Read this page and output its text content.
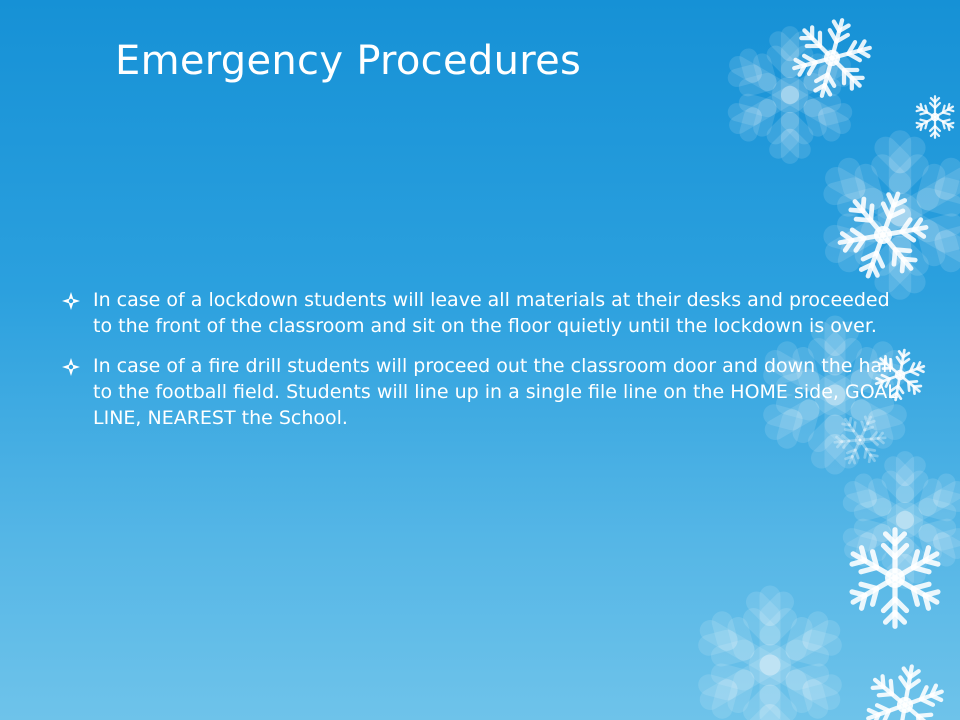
Emergency Procedures
In case of a lockdown students will leave all materials at their desks and proceeded to the front of the classroom and sit on the floor quietly until the lockdown is over.
In case of a fire drill students will proceed out the classroom door and down the hall to the football field. Students will line up in a single file line on the HOME side, GOAL LINE, NEAREST the School.
